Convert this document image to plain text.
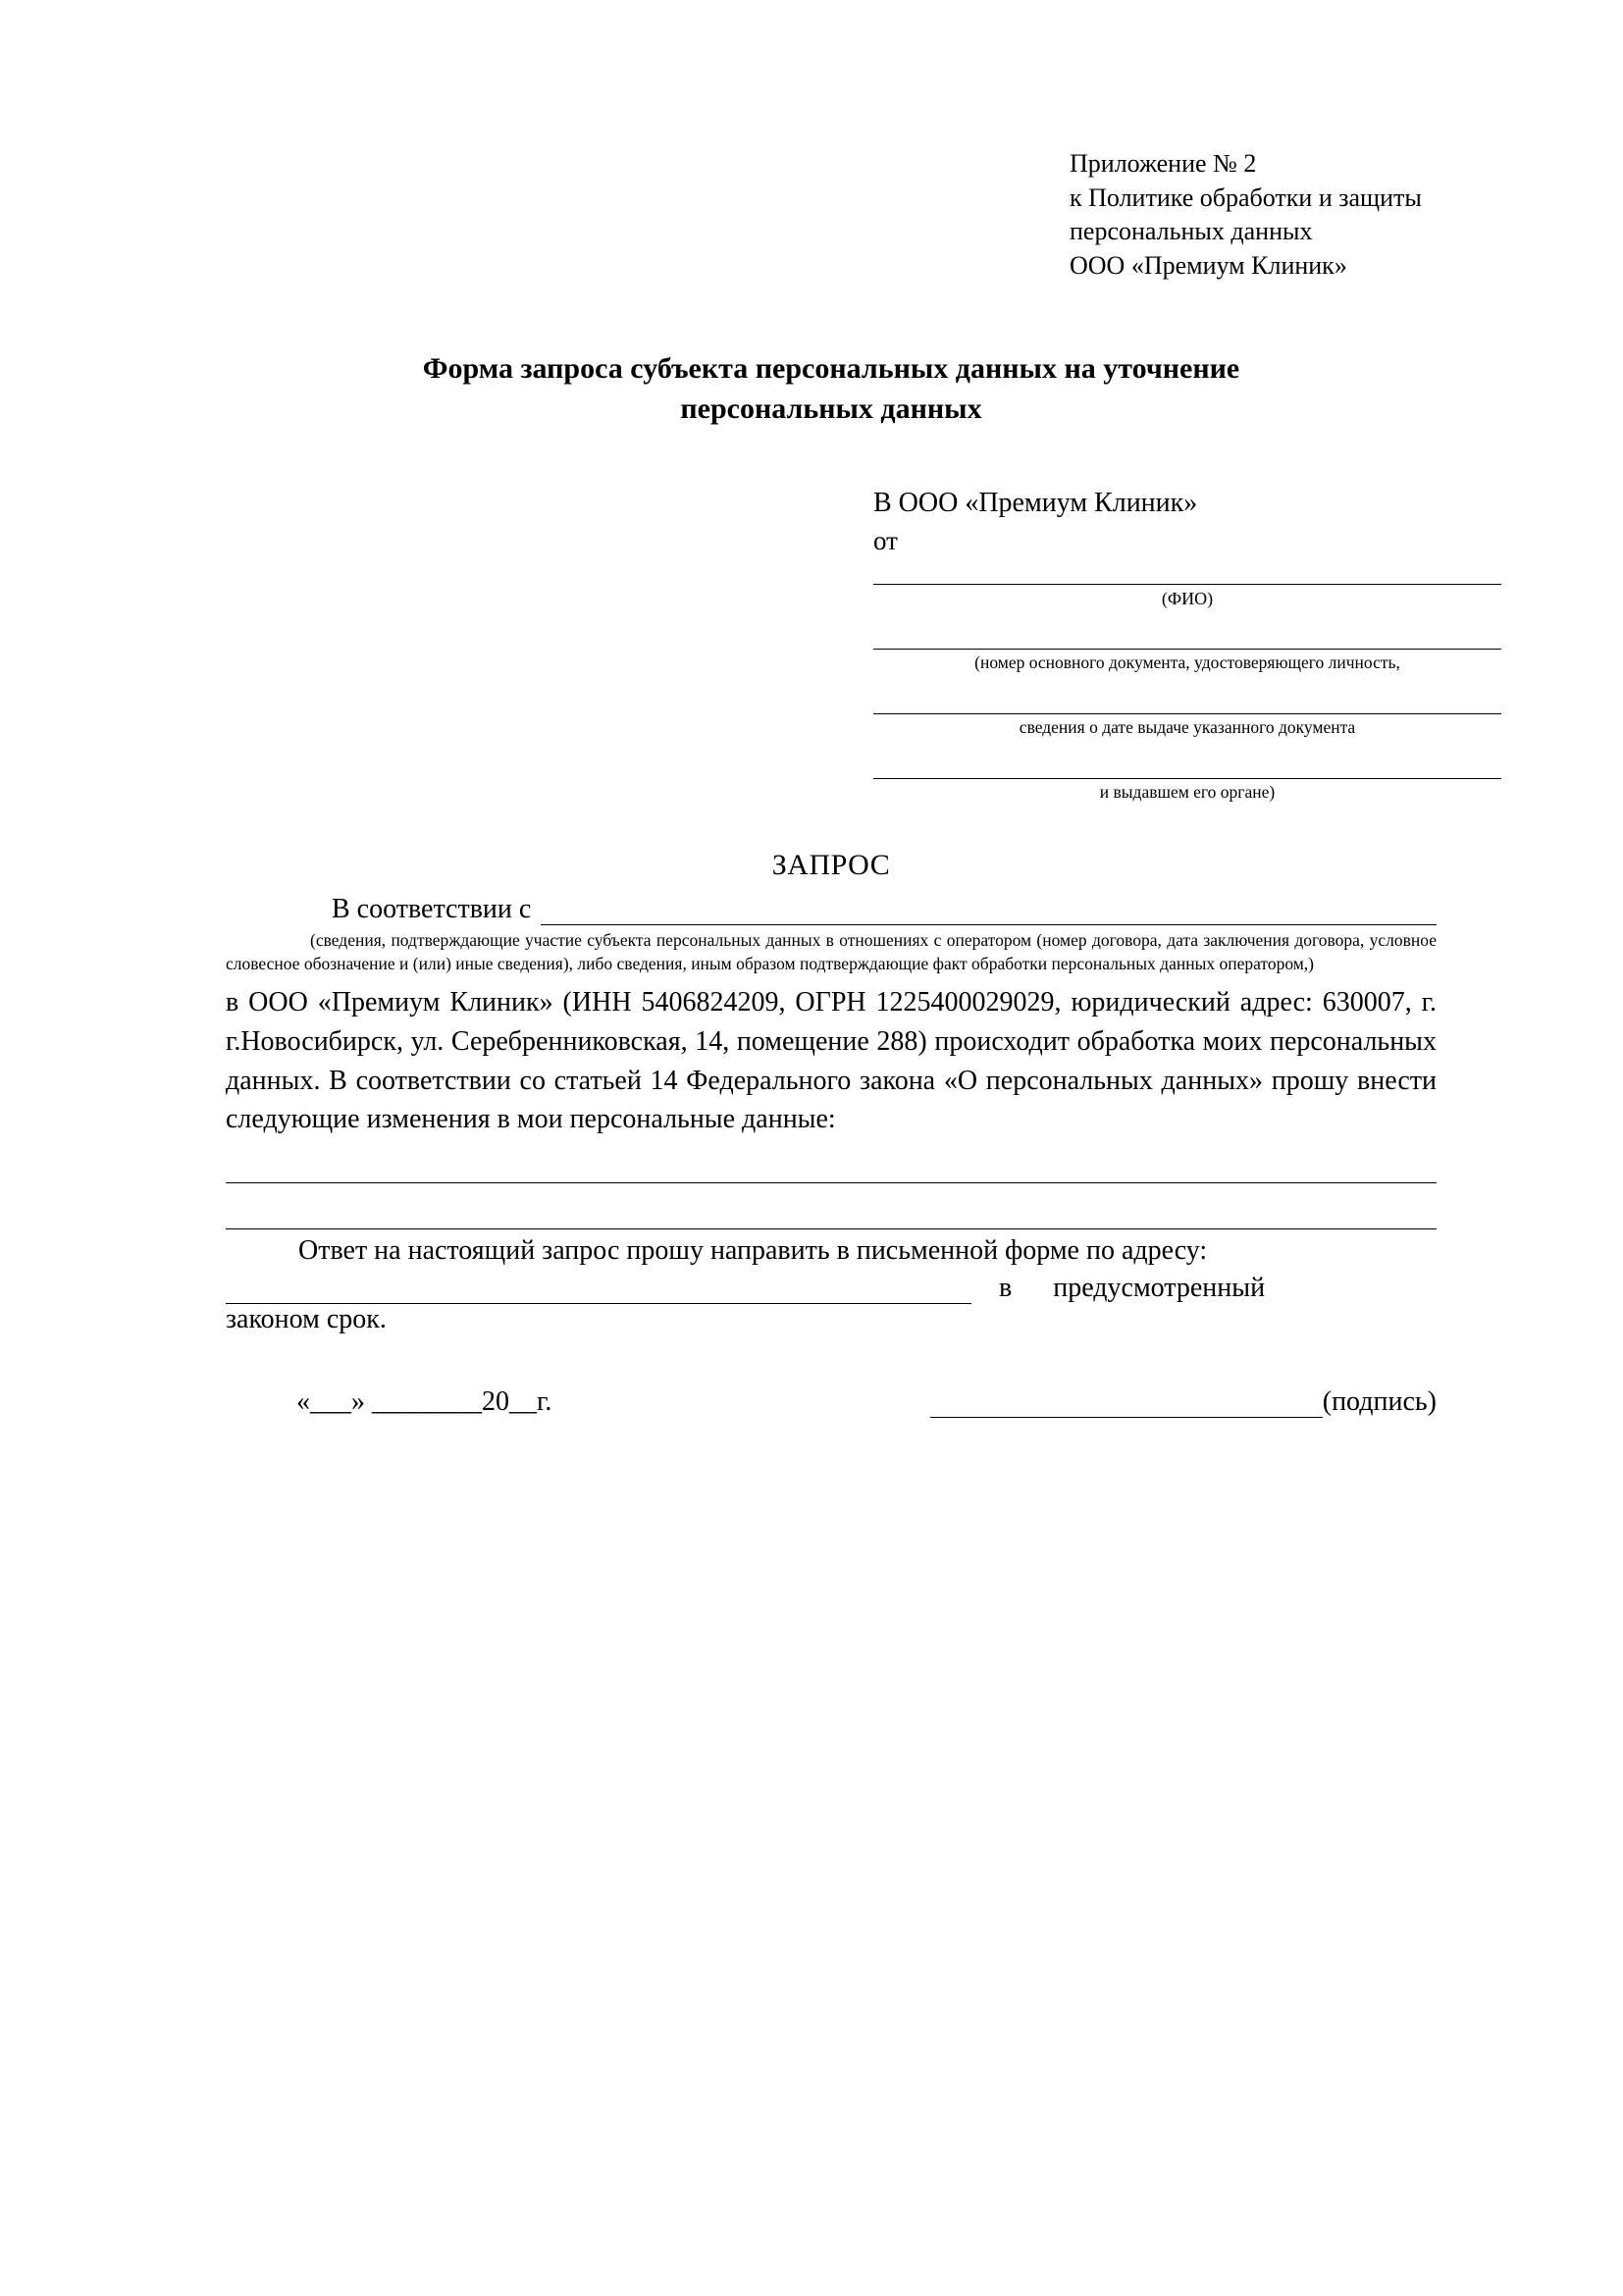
Приложение № 2
к Политике обработки и защиты
персональных данных
ООО «Премиум Клиник»
Форма запроса субъекта персональных данных на уточнение
персональных данных
В ООО «Премиум Клиник»
от
(ФИО)
(номер основного документа, удостоверяющего личность,
сведения о дате выдаче указанного документа
и выдавшем его органе)
ЗАПРОС
В соответствии с
(сведения, подтверждающие участие субъекта персональных данных в отношениях с оператором (номер договора, дата заключения договора, условное словесное обозначение и (или) иные сведения), либо сведения, иным образом подтверждающие факт обработки персональных данных оператором,)
в ООО «Премиум Клиник» (ИНН 5406824209, ОГРН 1225400029029, юридический адрес: 630007, г. г.Новосибирск, ул. Серебренниковская, 14, помещение 288) происходит обработка моих персональных данных. В соответствии со статьей 14 Федерального закона «О персональных данных» прошу внести следующие изменения в мои персональные данные:
Ответ на настоящий запрос прошу направить в письменной форме по адресу:
в      предусмотренный
законом срок.
«___» ________20__г.	(подпись)
